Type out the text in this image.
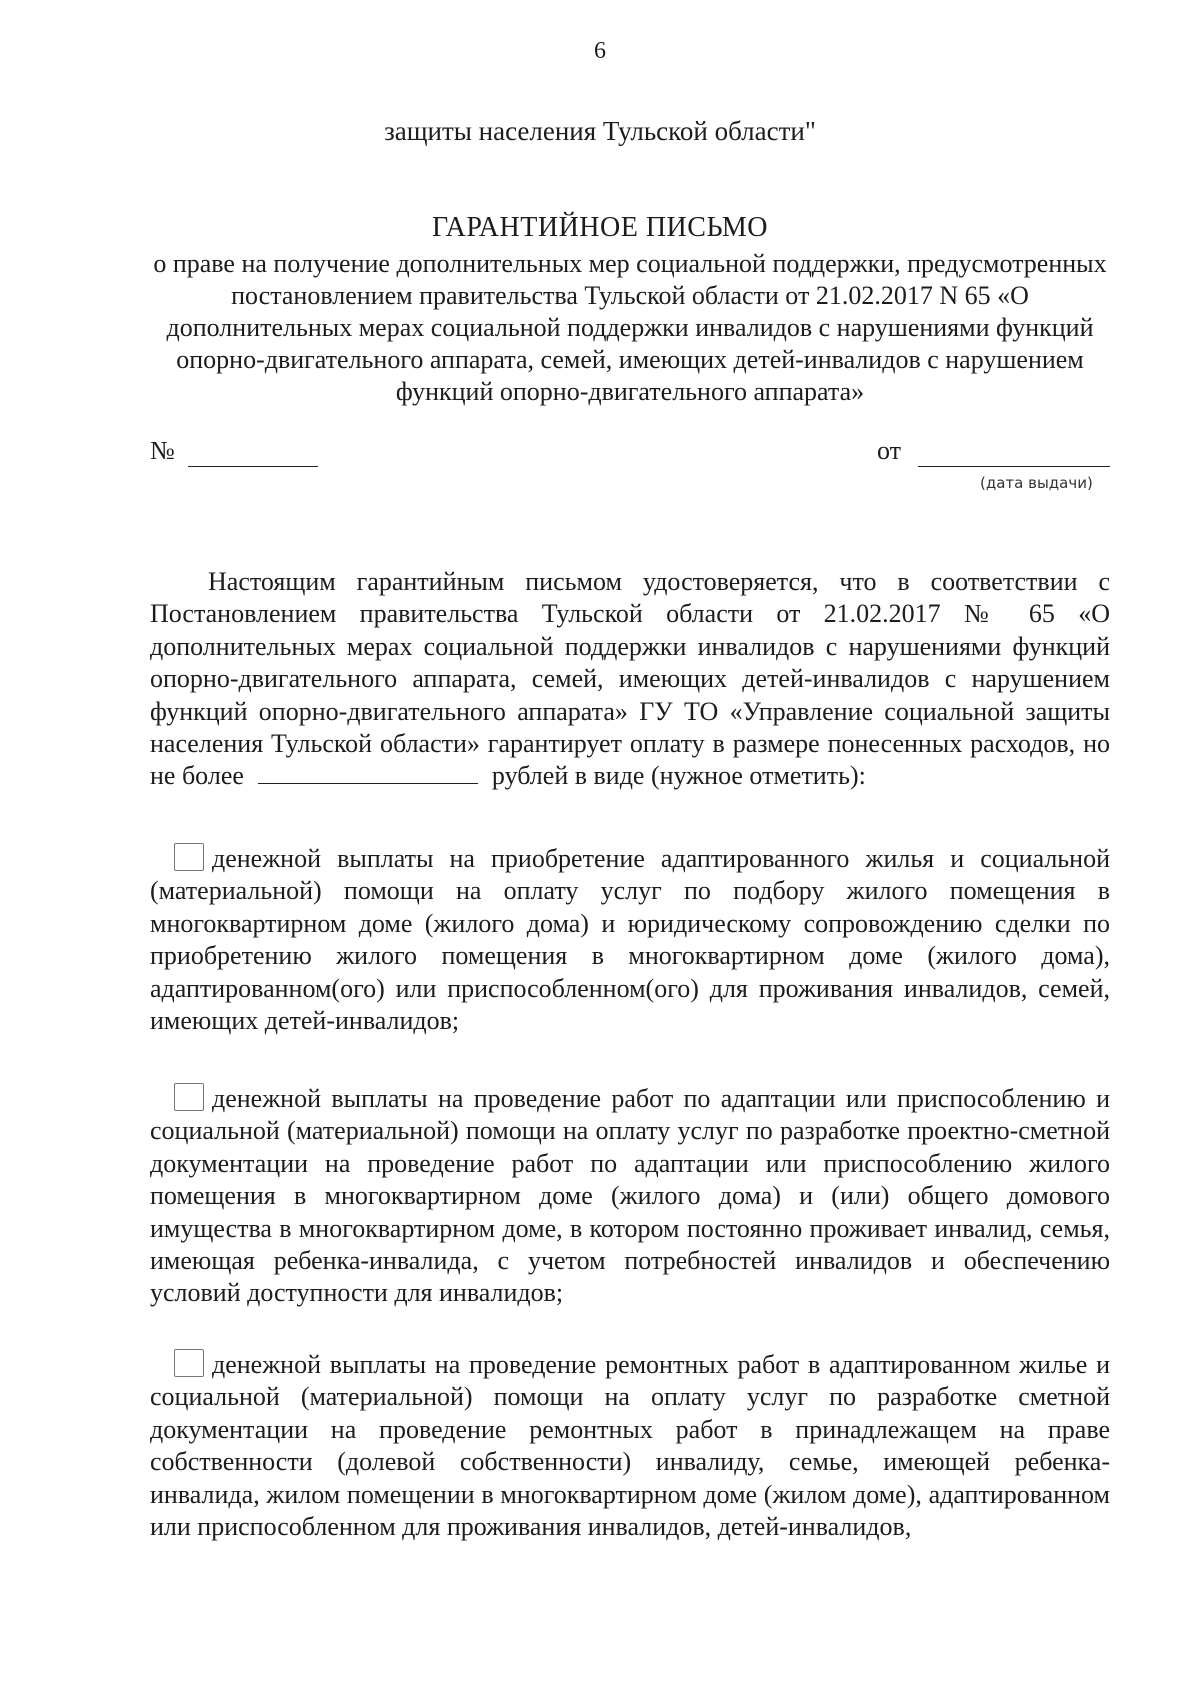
6
защиты населения Тульской области"
ГАРАНТИЙНОЕ ПИСЬМО
о праве на получение дополнительных мер социальной поддержки, предусмотренных постановлением правительства Тульской области от 21.02.2017 N 65 «О дополнительных мерах социальной поддержки инвалидов с нарушениями функций опорно-двигательного аппарата, семей, имеющих детей-инвалидов с нарушением функций опорно-двигательного аппарата»
№	от
(дата выдачи)
Настоящим гарантийным письмом удостоверяется, что в соответствии с Постановлением правительства Тульской области от 21.02.2017 № 65 «О дополнительных мерах социальной поддержки инвалидов с нарушениями функций опорно-двигательного аппарата, семей, имеющих детей-инвалидов с нарушением функций опорно-двигательного аппарата» ГУ ТО «Управление социальной защиты населения Тульской области» гарантирует оплату в размере понесенных расходов, но не более	рублей в виде (нужное отметить):
денежной выплаты на приобретение адаптированного жилья и социальной (материальной) помощи на оплату услуг по подбору жилого помещения в многоквартирном доме (жилого дома) и юридическому сопровождению сделки по приобретению жилого помещения в многоквартирном доме (жилого дома), адаптированном(ого) или приспособленном(ого) для проживания инвалидов, семей, имеющих детей-инвалидов;
денежной выплаты на проведение работ по адаптации или приспособлению и социальной (материальной) помощи на оплату услуг по разработке проектно-сметной документации на проведение работ по адаптации или приспособлению жилого помещения в многоквартирном доме (жилого дома) и (или) общего домового имущества в многоквартирном доме, в котором постоянно проживает инвалид, семья, имеющая ребенка-инвалида, с учетом потребностей инвалидов и обеспечению условий доступности для инвалидов;
денежной выплаты на проведение ремонтных работ в адаптированном жилье и социальной (материальной) помощи на оплату услуг по разработке сметной документации на проведение ремонтных работ в принадлежащем на праве собственности (долевой собственности) инвалиду, семье, имеющей ребенка-инвалида, жилом помещении в многоквартирном доме (жилом доме), адаптированном или приспособленном для проживания инвалидов, детей-инвалидов,
